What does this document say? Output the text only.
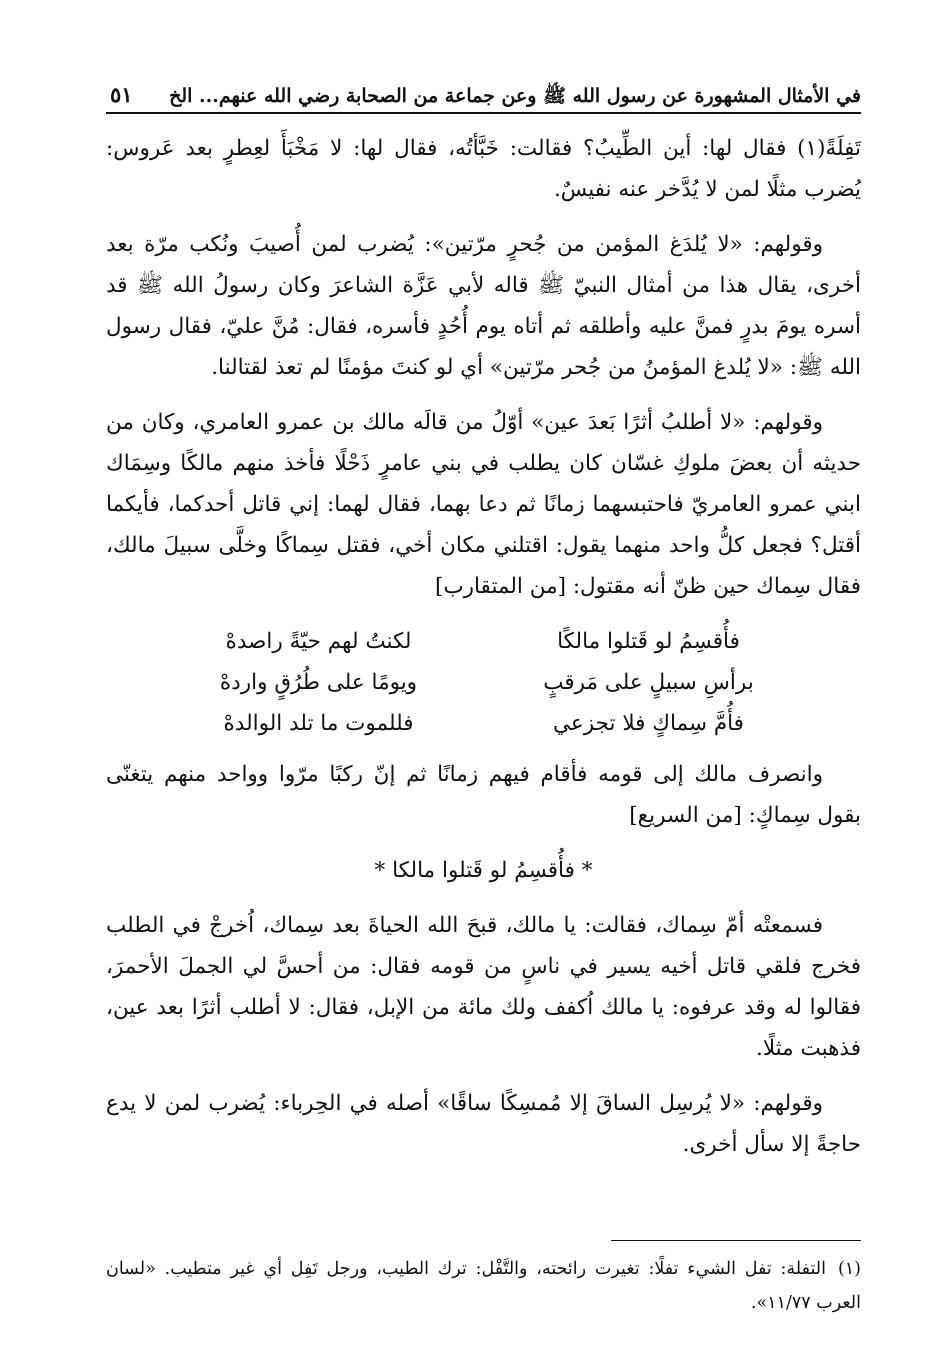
في الأمثال المشهورة عن رسول الله ﷺ وعن جماعة من الصحابة رضي الله عنهم... الخ
٥١

تَفِلَةً(١) فقال لها: أين الطِّيبُ؟ فقالت: خَبَّأتُه، فقال لها: لا مَخْبَأَ لعِطرٍ بعد عَروس: يُضرب مثلًا لمن لا يُدَّخر عنه نفيسٌ.

وقولهم: «لا يُلدَغ المؤمن من جُحرٍ مرّتين»: يُضرب لمن أُصيبَ ونُكب مرّة بعد أخرى، يقال هذا من أمثال النبيّ ﷺ قاله لأبي عَزَّة الشاعرَ وكان رسولُ الله ﷺ قد أسره يومَ بدرٍ فمنَّ عليه وأطلقه ثم أتاه يوم أُحُدٍ فأسره، فقال: مُنَّ عليّ، فقال رسول الله ﷺ: «لا يُلدغ المؤمنُ من جُحر مرّتين» أي لو كنتَ مؤمنًا لم تعذ لقتالنا.

وقولهم: «لا أطلبُ أثرًا بَعدَ عين» أوّلُ من قالَه مالك بن عمرو العامري، وكان من حديثه أن بعضَ ملوكِ غسّان كان يطلب في بني عامرٍ ذَحْلًا فأخذ منهم مالكًا وسِمَاك ابني عمرو العامريّ فاحتبسهما زمانًا ثم دعا بهما، فقال لهما: إني قاتل أحدكما، فأيكما أقتل؟ فجعل كلُّ واحد منهما يقول: اقتلني مكان أخي، فقتل سِماكًا وخلَّى سبيلَ مالك، فقال سِماك حين ظنّ أنه مقتول: [من المتقارب]

فأُقسِمُ لو قَتلوا مالكًا
لكنتُ لهم حيّةً راصدهْ
برأسِ سبيلٍ على مَرقبٍ
ويومًا على طُرُقٍ واردهْ
فأُمَّ سِماكٍ فلا تجزعي
فللموت ما تلد الوالدهْ

وانصرف مالك إلى قومه فأقام فيهم زمانًا ثم إنّ ركبًا مرّوا وواحد منهم يتغنّى بقول سِماكٍ: [من السريع]

* فأُقسِمُ لو قَتلوا مالكا *

فسمعتْه أمّ سِماك، فقالت: يا مالك، قبحَ الله الحياةَ بعد سِماك، اُخرجْ في الطلب فخرج فلقي قاتل أخيه يسير في ناسٍ من قومه فقال: من أحسَّ لي الجملَ الأحمرَ، فقالوا له وقد عرفوه: يا مالك اُكفف ولك مائة من الإبل، فقال: لا أطلب أثرًا بعد عين، فذهبت مثلًا.

وقولهم: «لا يُرسِل الساقَ إلا مُمسِكًا ساقًا» أصله في الحِرباء: يُضرب لمن لا يدع حاجةً إلا سأل أخرى.

(١)التفلة: تفل الشيء تفلًا: تغيرت رائحته، والتَّفْل: ترك الطيب، ورجل تَفِل أي غير متطيب. «لسان العرب ١١/٧٧».
